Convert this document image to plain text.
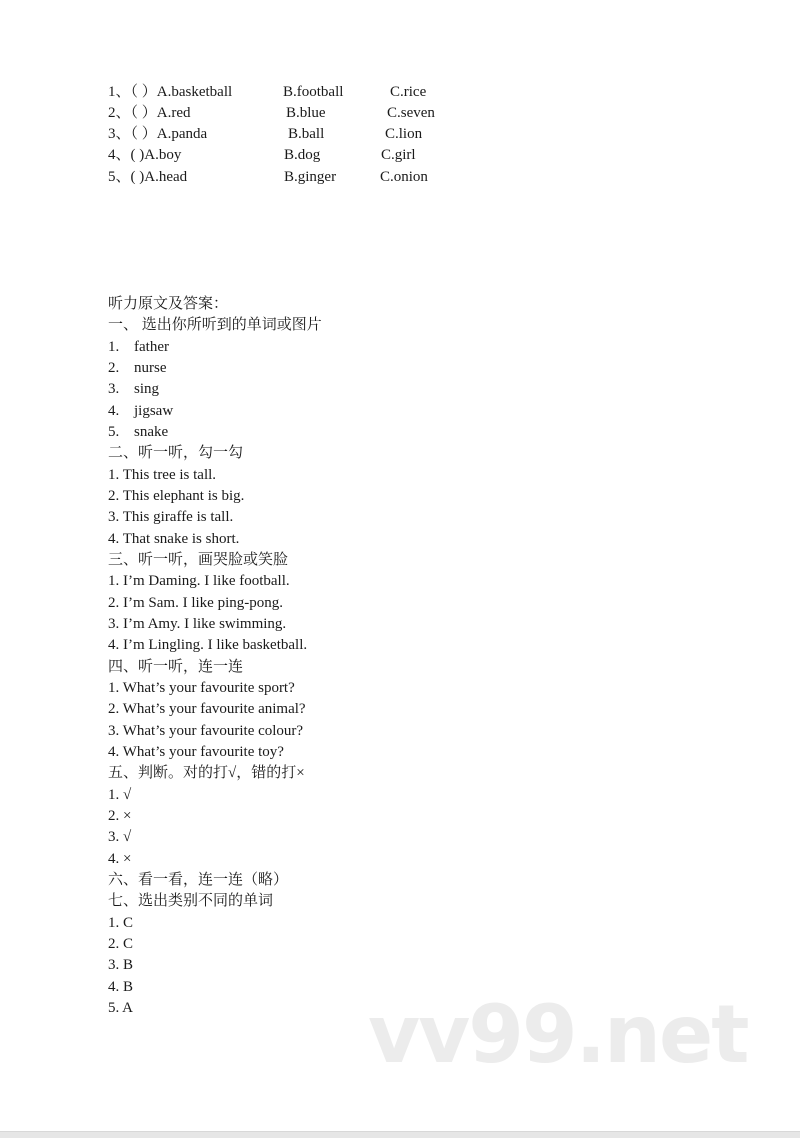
1、（ ）A.basketball	B.football	C.rice
2、（ ）A.red	B.blue	C.seven
3、（ ）A.panda	B.ball	C.lion
4、( )A.boy	B.dog	C.girl
5、( )A.head	B.ginger	C.onion
听力原文及答案：
一、 选出你所听到的单词或图片
1. father
2. nurse
3. sing
4. jigsaw
5. snake
二、听一听，勾一勾
1. This tree is tall.
2. This elephant is big.
3. This giraffe is tall.
4. That snake is short.
三、听一听，画哭脸或笑脸
1. I’m Daming. I like football.
2. I’m Sam. I like ping-pong.
3. I’m Amy. I like swimming.
4. I’m Lingling. I like basketball.
四、听一听，连一连
1. What’s your favourite sport?
2. What’s your favourite animal?
3. What’s your favourite colour?
4. What’s your favourite toy?
五、判断。对的打√，错的打×
1. √
2. ×
3. √
4. ×
六、看一看，连一连（略）
七、选出类别不同的单词
1. C
2. C
3. B
4. B
5. A	vv99.net
